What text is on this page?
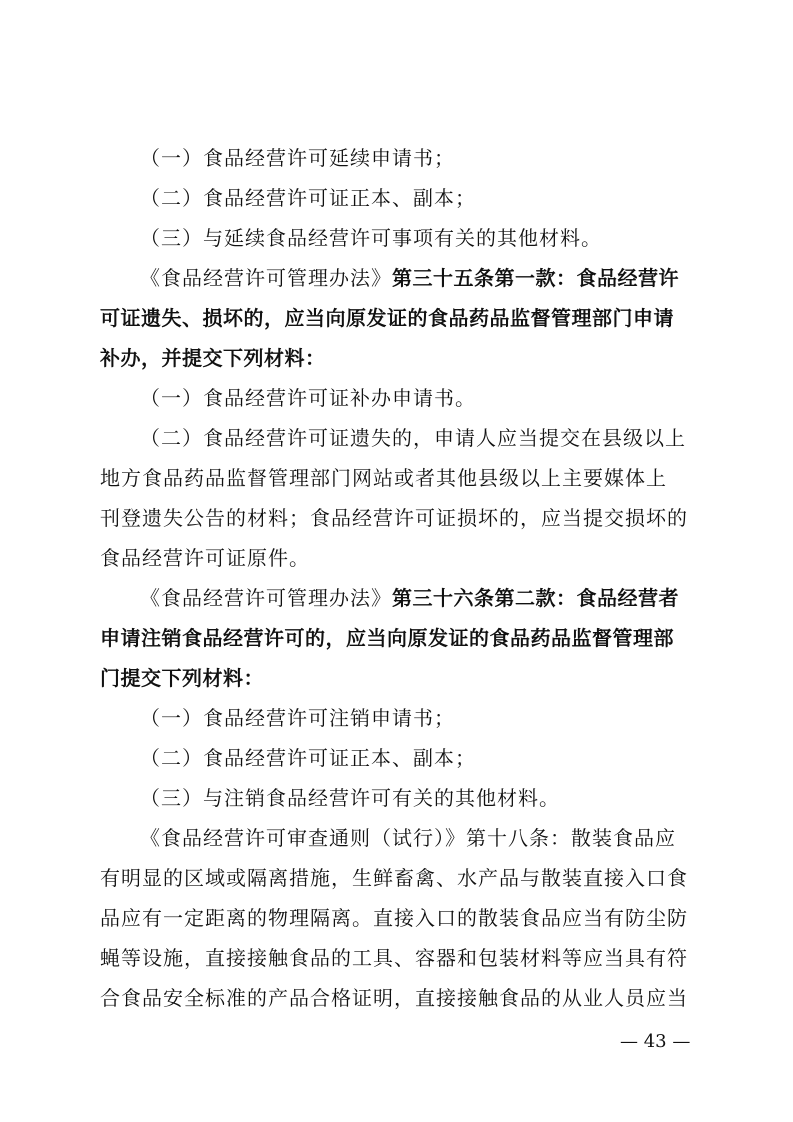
（一）食品经营许可延续申请书；
（二）食品经营许可证正本、副本；
（三）与延续食品经营许可事项有关的其他材料。
《食品经营许可管理办法》第三十五条第一款：食品经营许
可证遗失、损坏的，应当向原发证的食品药品监督管理部门申请
补办，并提交下列材料：
（一）食品经营许可证补办申请书。
（二）食品经营许可证遗失的，申请人应当提交在县级以上
地方食品药品监督管理部门网站或者其他县级以上主要媒体上
刊登遗失公告的材料；食品经营许可证损坏的，应当提交损坏的
食品经营许可证原件。
《食品经营许可管理办法》第三十六条第二款：食品经营者
申请注销食品经营许可的，应当向原发证的食品药品监督管理部
门提交下列材料：
（一）食品经营许可注销申请书；
（二）食品经营许可证正本、副本；
（三）与注销食品经营许可有关的其他材料。
《食品经营许可审查通则（试行）》第十八条：散装食品应
有明显的区域或隔离措施，生鲜畜禽、水产品与散装直接入口食
品应有一定距离的物理隔离。直接入口的散装食品应当有防尘防
蝇等设施，直接接触食品的工具、容器和包装材料等应当具有符
合食品安全标准的产品合格证明，直接接触食品的从业人员应当
— 43 —
